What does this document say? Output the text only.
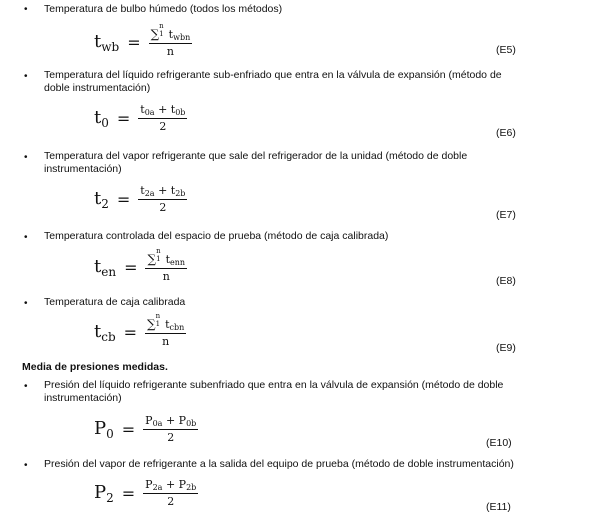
• Temperatura de bulbo húmedo (todos los métodos)
$t_{wb}$ = ∑
n
1 $t_{wbn}$
n	(E5)
• Temperatura del líquido refrigerante sub-enfriado que entra en la válvula de expansión (método de
doble instrumentación)
$t_0 = \frac{t_{0a} + t_{0b}}{2}$	(E6)
• Temperatura del vapor refrigerante que sale del refrigerador de la unidad (método de doble
instrumentación)
$t_2 = \frac{t_{2a} + t_{2b}}{2}$
(E7)
• Temperatura controlada del espacio de prueba (método de caja calibrada)
$t_{en}$ = ∑
n
1 $t_{enn}$
n	(E8)
• Temperatura de caja calibrada
$t_{cb}$ = ∑
n
1 $t_{cbn}$
n	(E9)
Media de presiones medidas.
• Presión del líquido refrigerante subenfriado que entra en la válvula de expansión (método de doble
instrumentación)
$P_0 = \frac{P_{0a} + P_{0b}}{2}$	(E10)
• Presión del vapor de refrigerante a la salida del equipo de prueba (método de doble instrumentación)
$P_2 = \frac{P_{2a} + P_{2b}}{2}$	(E11)
